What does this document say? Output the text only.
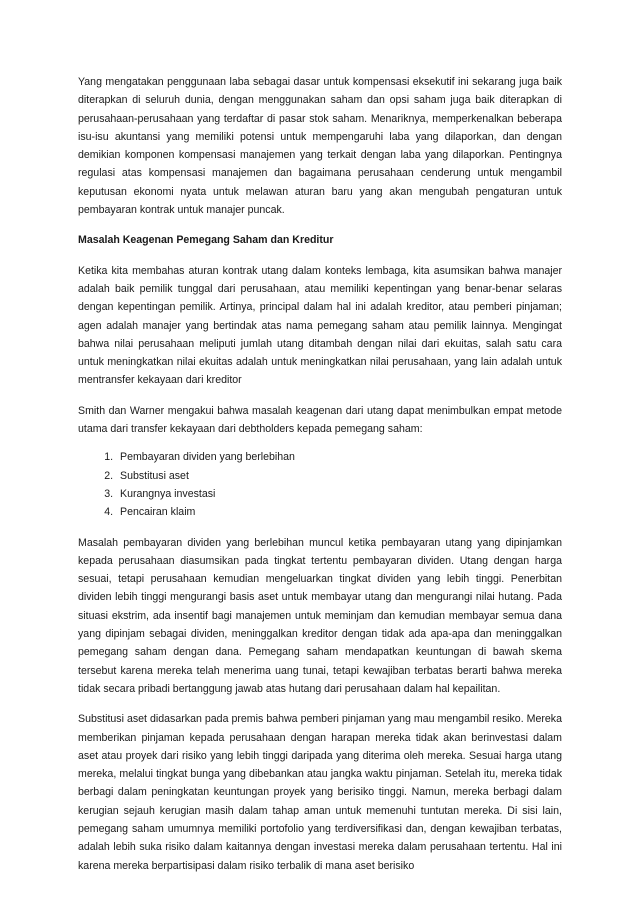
Yang mengatakan penggunaan laba sebagai dasar untuk kompensasi eksekutif ini sekarang juga baik diterapkan di seluruh dunia, dengan menggunakan saham dan opsi saham juga baik diterapkan di perusahaan-perusahaan yang terdaftar di pasar stok saham. Menariknya, memperkenalkan beberapa isu-isu akuntansi yang memiliki potensi untuk mempengaruhi laba yang dilaporkan, dan dengan demikian komponen kompensasi manajemen yang terkait dengan laba yang dilaporkan. Pentingnya regulasi atas kompensasi manajemen dan bagaimana perusahaan cenderung untuk mengambil keputusan ekonomi nyata untuk melawan aturan baru yang akan mengubah pengaturan untuk pembayaran kontrak untuk manajer puncak.

Masalah Keagenan Pemegang Saham dan Kreditur

Ketika kita membahas aturan kontrak utang dalam konteks lembaga, kita asumsikan bahwa manajer adalah baik pemilik tunggal dari perusahaan, atau memiliki kepentingan yang benar-benar selaras dengan kepentingan pemilik. Artinya, principal dalam hal ini adalah kreditor, atau pemberi pinjaman; agen adalah manajer yang bertindak atas nama pemegang saham atau pemilik lainnya. Mengingat bahwa nilai perusahaan meliputi jumlah utang ditambah dengan nilai dari ekuitas, salah satu cara untuk meningkatkan nilai ekuitas adalah untuk meningkatkan nilai perusahaan, yang lain adalah untuk mentransfer kekayaan dari kreditor

Smith dan Warner mengakui bahwa masalah keagenan dari utang dapat menimbulkan empat metode utama dari transfer kekayaan dari debtholders kepada pemegang saham:

1. Pembayaran dividen yang berlebihan
2. Substitusi aset
3. Kurangnya investasi
4. Pencairan klaim

Masalah pembayaran dividen yang berlebihan muncul ketika pembayaran utang yang dipinjamkan kepada perusahaan diasumsikan pada tingkat tertentu pembayaran dividen. Utang dengan harga sesuai, tetapi perusahaan kemudian mengeluarkan tingkat dividen yang lebih tinggi. Penerbitan dividen lebih tinggi mengurangi basis aset untuk membayar utang dan mengurangi nilai hutang. Pada situasi ekstrim, ada insentif bagi manajemen untuk meminjam dan kemudian membayar semua dana yang dipinjam sebagai dividen, meninggalkan kreditor dengan tidak ada apa-apa dan meninggalkan pemegang saham dengan dana. Pemegang saham mendapatkan keuntungan di bawah skema tersebut karena mereka telah menerima uang tunai, tetapi kewajiban terbatas berarti bahwa mereka tidak secara pribadi bertanggung jawab atas hutang dari perusahaan dalam hal kepailitan.

Substitusi aset didasarkan pada premis bahwa pemberi pinjaman yang mau mengambil resiko. Mereka memberikan pinjaman kepada perusahaan dengan harapan mereka tidak akan berinvestasi dalam aset atau proyek dari risiko yang lebih tinggi daripada yang diterima oleh mereka. Sesuai harga utang mereka, melalui tingkat bunga yang dibebankan atau jangka waktu pinjaman. Setelah itu, mereka tidak berbagi dalam peningkatan keuntungan proyek yang berisiko tinggi. Namun, mereka berbagi dalam kerugian sejauh kerugian masih dalam tahap aman untuk memenuhi tuntutan mereka. Di sisi lain, pemegang saham umumnya memiliki portofolio yang terdiversifikasi dan, dengan kewajiban terbatas, adalah lebih suka risiko dalam kaitannya dengan investasi mereka dalam perusahaan tertentu. Hal ini karena mereka berpartisipasi dalam risiko terbalik di mana aset berisiko
